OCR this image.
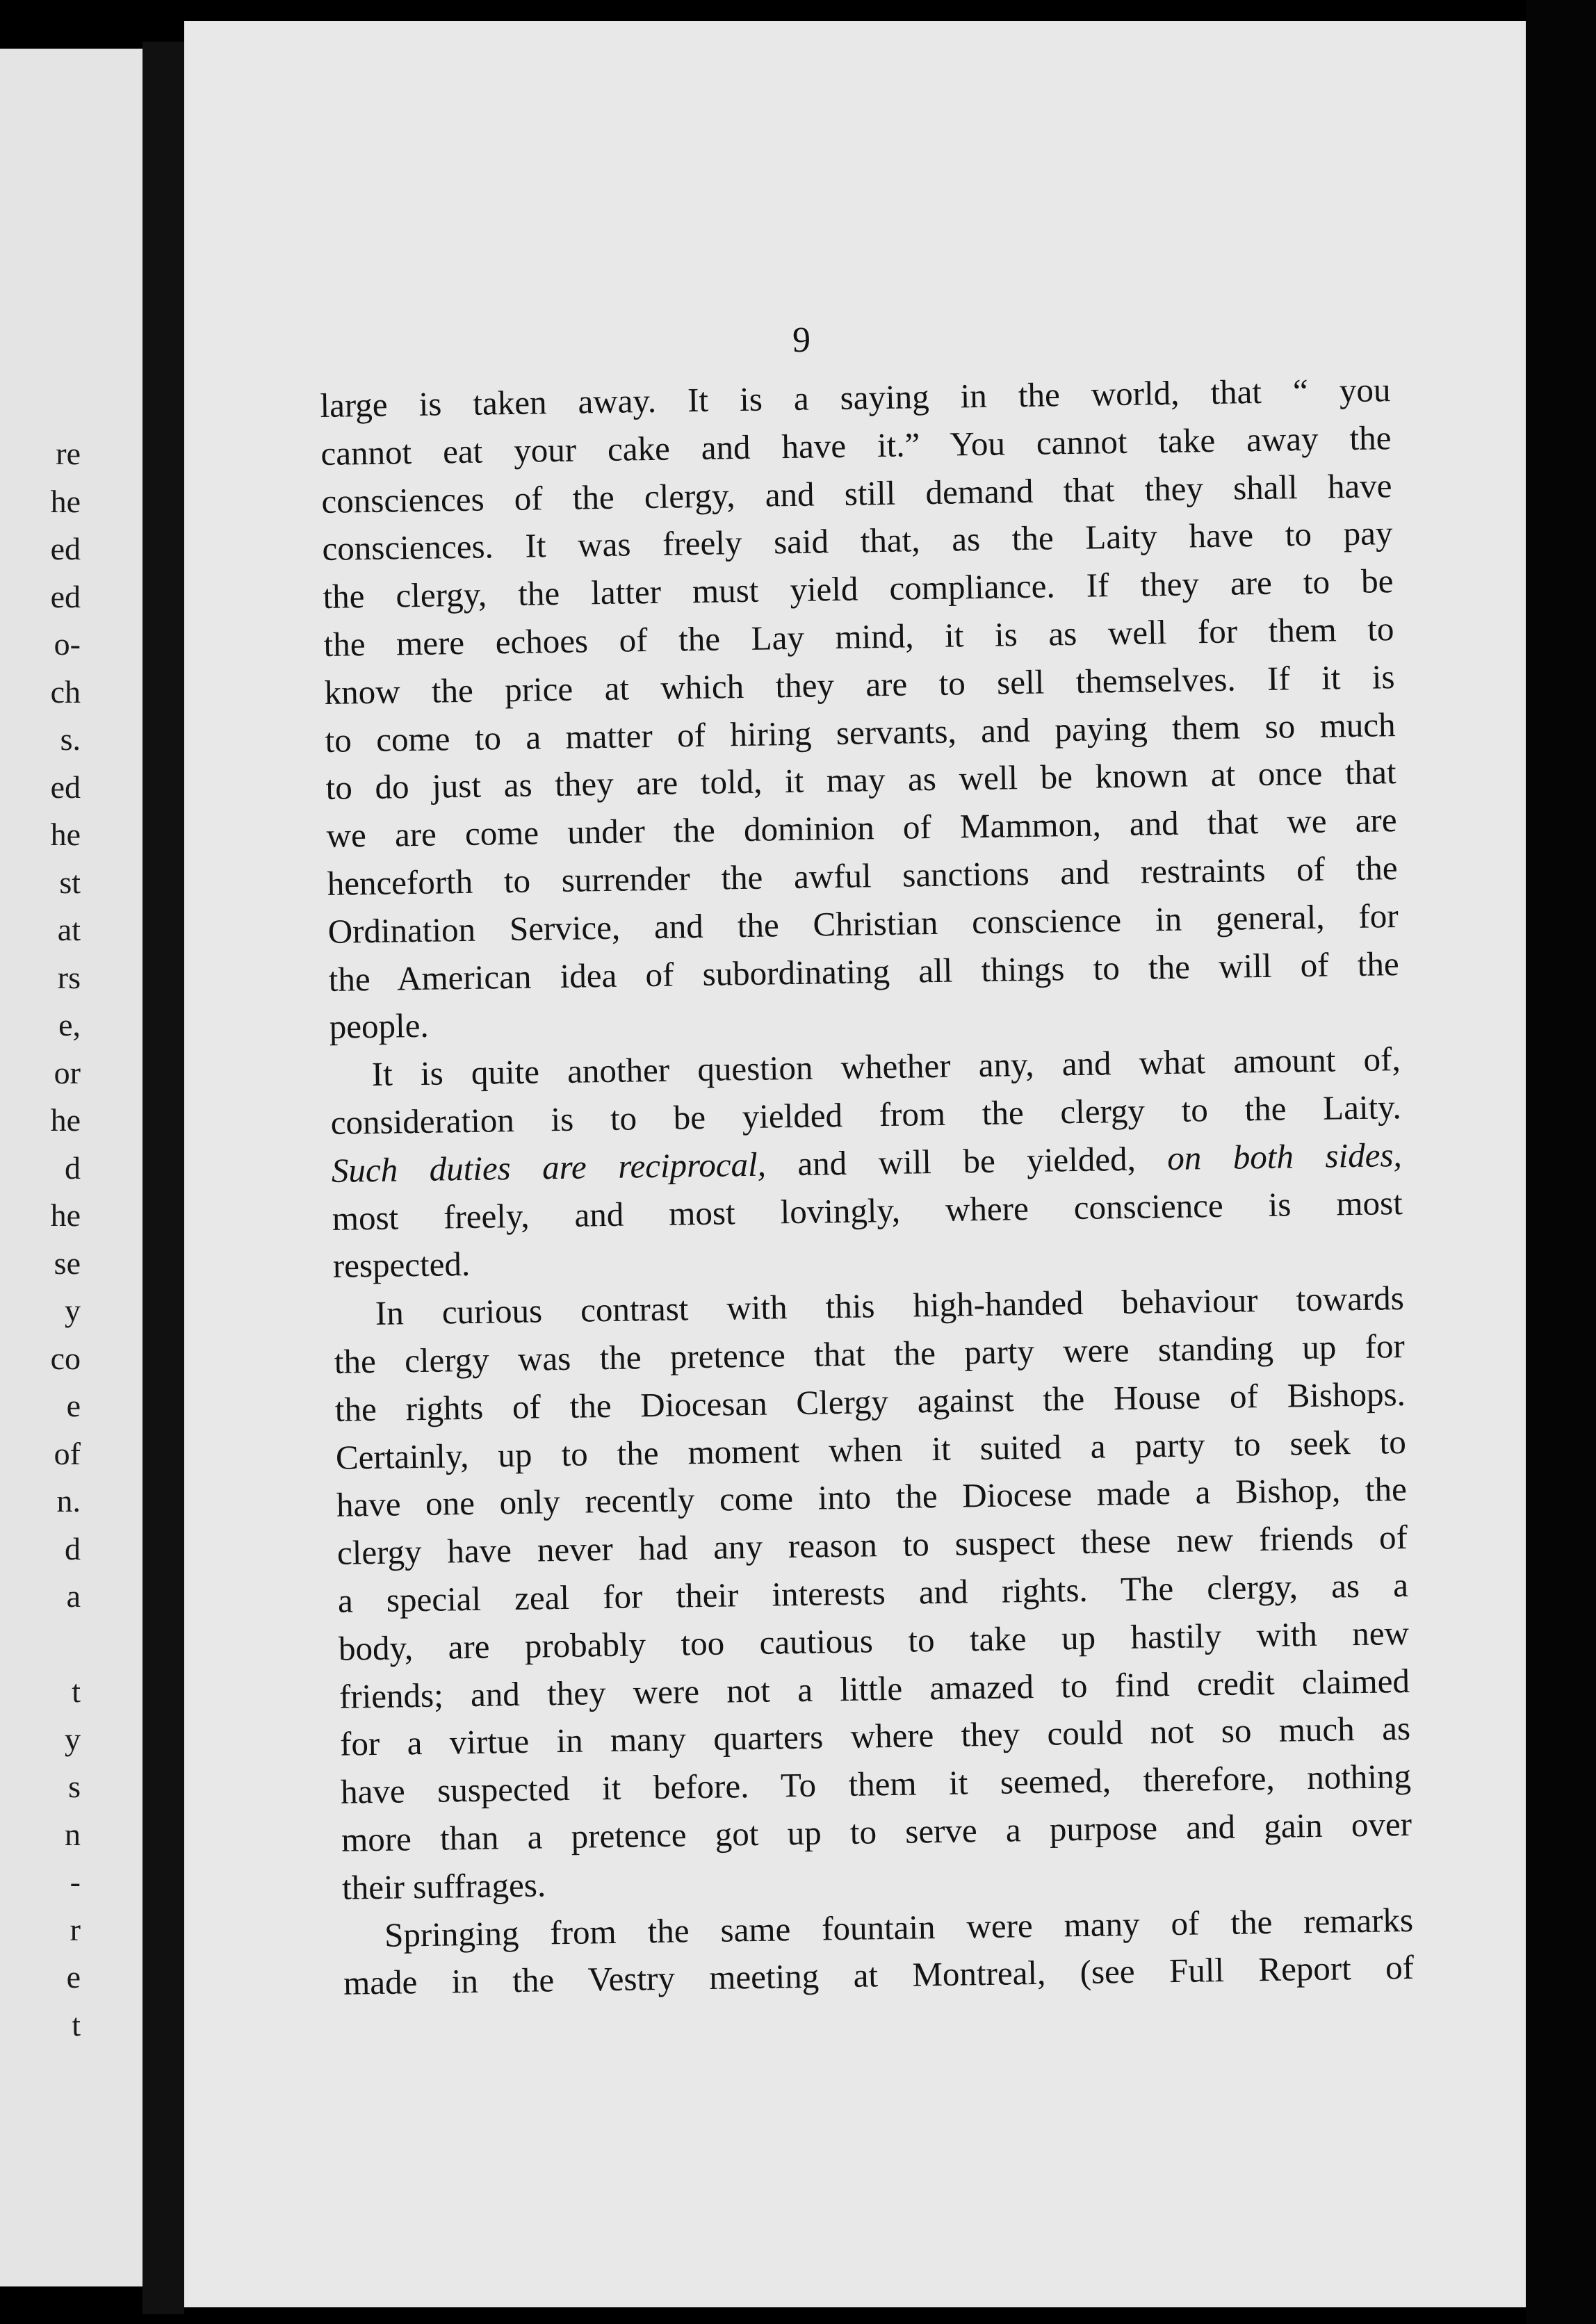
re
he
ed
ed
o-
ch
s.
ed
he
st
at
rs
e,
or
he
d
he
se
y
co
e
of
n.
d
a
t
y
s
n
-
r
e
t
9

large is taken away. It is a saying in the world, that “ you
cannot eat your cake and have it.” You cannot take away the
consciences of the clergy, and still demand that they shall have
consciences. It was freely said that, as the Laity have to pay
the clergy, the latter must yield compliance. If they are to be
the mere echoes of the Lay mind, it is as well for them to
know the price at which they are to sell themselves. If it is
to come to a matter of hiring servants, and paying them so much
to do just as they are told, it may as well be known at once that
we are come under the dominion of Mammon, and that we are
henceforth to surrender the awful sanctions and restraints of the
Ordination Service, and the Christian conscience in general, for
the American idea of subordinating all things to the will of the
people.

It is quite another question whether any, and what amount of,
consideration is to be yielded from the clergy to the Laity.
Such duties are reciprocal, and will be yielded, on both sides,
most freely, and most lovingly, where conscience is most
respected.

In curious contrast with this high-handed behaviour towards
the clergy was the pretence that the party were standing up for
the rights of the Diocesan Clergy against the House of Bishops.
Certainly, up to the moment when it suited a party to seek to
have one only recently come into the Diocese made a Bishop, the
clergy have never had any reason to suspect these new friends of
a special zeal for their interests and rights. The clergy, as a
body, are probably too cautious to take up hastily with new
friends; and they were not a little amazed to find credit claimed
for a virtue in many quarters where they could not so much as
have suspected it before. To them it seemed, therefore, nothing
more than a pretence got up to serve a purpose and gain over
their suffrages.

Springing from the same fountain were many of the remarks
made in the Vestry meeting at Montreal, (see Full Report of
